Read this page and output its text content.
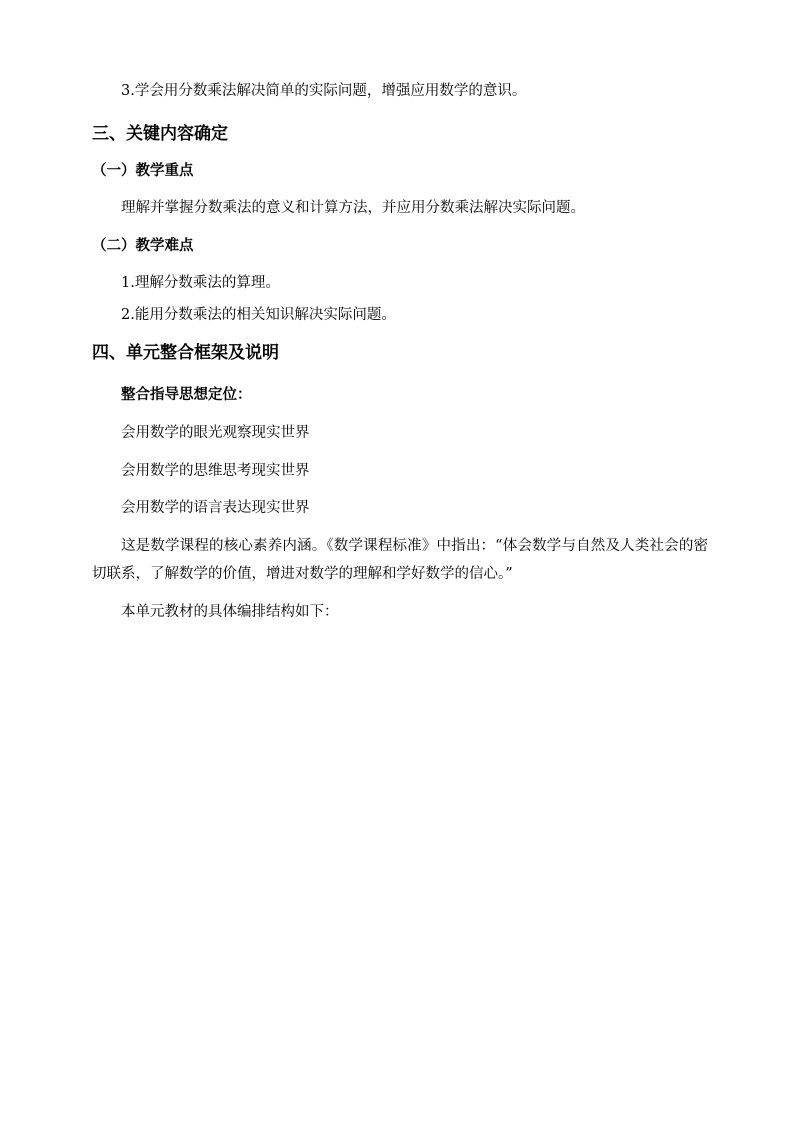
3.学会用分数乘法解决简单的实际问题，增强应用数学的意识。
三、关键内容确定
（一）教学重点
理解并掌握分数乘法的意义和计算方法，并应用分数乘法解决实际问题。
（二）教学难点
1.理解分数乘法的算理。
2.能用分数乘法的相关知识解决实际问题。
四、单元整合框架及说明
整合指导思想定位：
会用数学的眼光观察现实世界
会用数学的思维思考现实世界
会用数学的语言表达现实世界
这是数学课程的核心素养内涵。《数学课程标准》中指出：“体会数学与自然及人类社会的密切联系，了解数学的价值，增进对数学的理解和学好数学的信心。”
本单元教材的具体编排结构如下：
